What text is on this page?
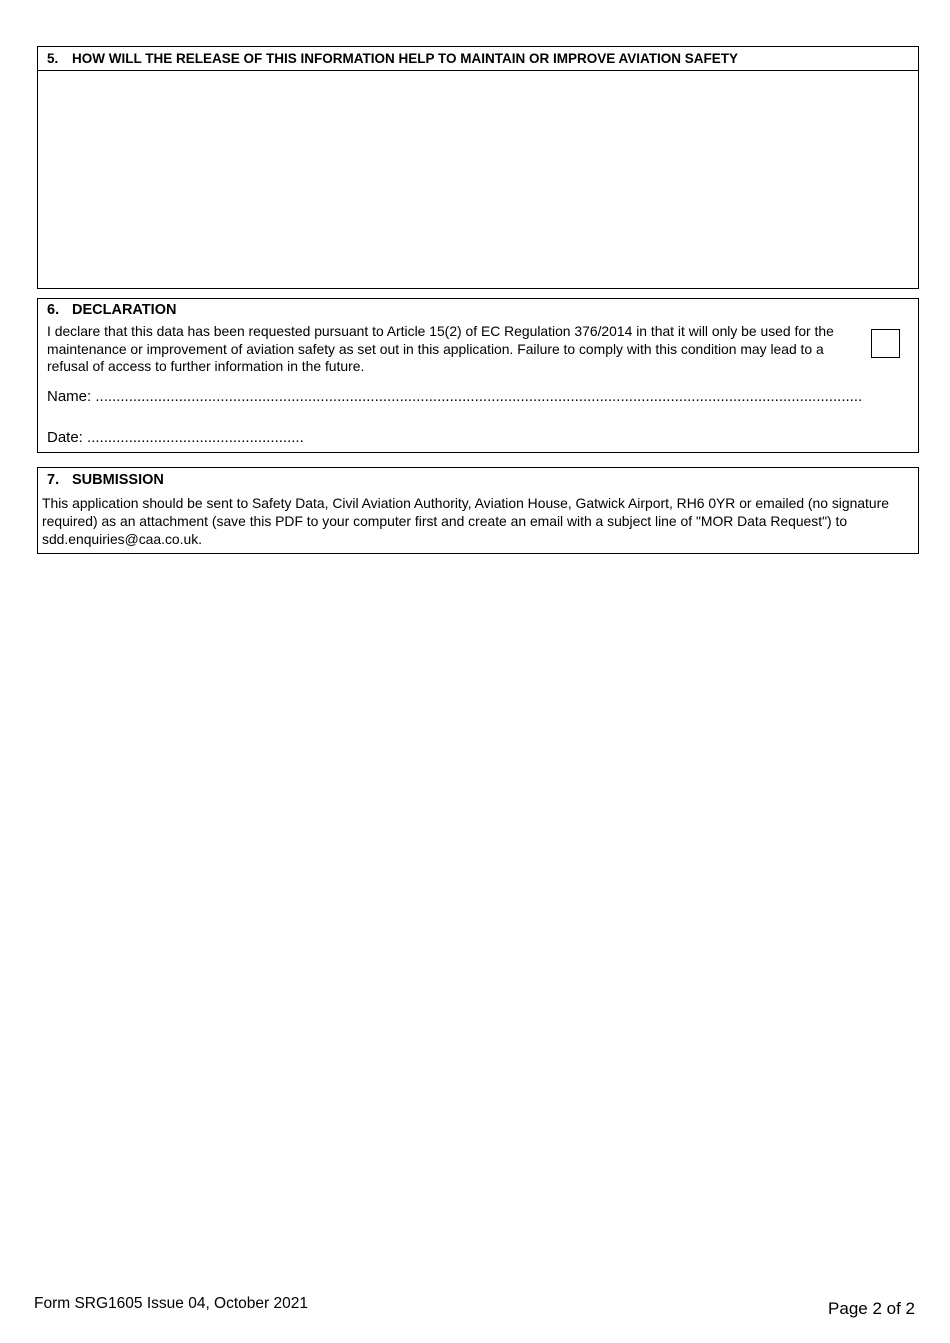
5. HOW WILL THE RELEASE OF THIS INFORMATION HELP TO MAINTAIN OR IMPROVE AVIATION SAFETY
6. DECLARATION
I declare that this data has been requested pursuant to Article 15(2) of EC Regulation 376/2014 in that it will only be used for the maintenance or improvement of aviation safety as set out in this application. Failure to comply with this condition may lead to a refusal of access to further information in the future.
Name: ........................................................................................................................................................................................
Date: ....................................................
7. SUBMISSION
This application should be sent to Safety Data, Civil Aviation Authority, Aviation House, Gatwick Airport, RH6 0YR or emailed (no signature required) as an attachment (save this PDF to your computer first and create an email with a subject line of "MOR Data Request") to sdd.enquiries@caa.co.uk.
Form SRG1605 Issue 04, October 2021	Page 2 of 2
